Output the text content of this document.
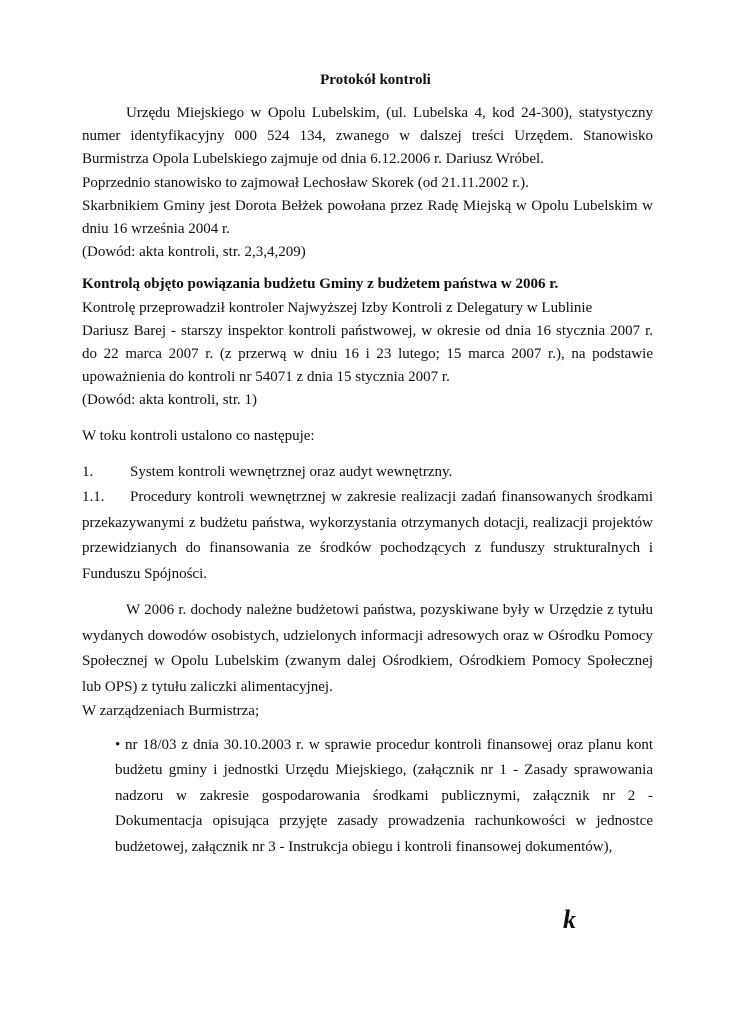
Protokół kontroli

Urzędu Miejskiego w Opolu Lubelskim, (ul. Lubelska 4, kod 24-300), statystyczny numer identyfikacyjny 000 524 134, zwanego w dalszej treści Urzędem. Stanowisko Burmistrza Opola Lubelskiego zajmuje od dnia 6.12.2006 r. Dariusz Wróbel.

Poprzednio stanowisko to zajmował Lechosław Skorek (od 21.11.2002 r.).

Skarbnikiem Gminy jest Dorota Bełżek powołana przez Radę Miejską w Opolu Lubelskim w dniu 16 września 2004 r.

(Dowód: akta kontroli, str. 2,3,4,209)

Kontrolą objęto powiązania budżetu Gminy z budżetem państwa w 2006 r.

Kontrolę przeprowadził kontroler Najwyższej Izby Kontroli z Delegatury w Lublinie

Dariusz Barej - starszy inspektor kontroli państwowej, w okresie od dnia 16 stycznia 2007 r. do 22 marca 2007 r. (z przerwą w dniu 16 i 23 lutego; 15 marca 2007 r.), na podstawie upoważnienia do kontroli nr 54071 z dnia 15 stycznia 2007 r.

(Dowód: akta kontroli, str. 1)

W toku kontroli ustalono co następuje:

1.	System kontroli wewnętrznej oraz audyt wewnętrzny.

1.1. Procedury kontroli wewnętrznej w zakresie realizacji zadań finansowanych środkami przekazywanymi z budżetu państwa, wykorzystania otrzymanych dotacji, realizacji projektów przewidzianych do finansowania ze środków pochodzących z funduszy strukturalnych i Funduszu Spójności.

W 2006 r. dochody należne budżetowi państwa, pozyskiwane były w Urzędzie z tytułu wydanych dowodów osobistych, udzielonych informacji adresowych oraz w Ośrodku Pomocy Społecznej w Opolu Lubelskim (zwanym dalej Ośrodkiem, Ośrodkiem Pomocy Społecznej lub OPS) z tytułu zaliczki alimentacyjnej.

W zarządzeniach Burmistrza;

• nr 18/03 z dnia 30.10.2003 r. w sprawie procedur kontroli finansowej oraz planu kont budżetu gminy i jednostki Urzędu Miejskiego, (załącznik nr 1 - Zasady sprawowania nadzoru w zakresie gospodarowania środkami publicznymi, załącznik nr 2 - Dokumentacja opisująca przyjęte zasady prowadzenia rachunkowości w jednostce budżetowej, załącznik nr 3 - Instrukcja obiegu i kontroli finansowej dokumentów),

k
